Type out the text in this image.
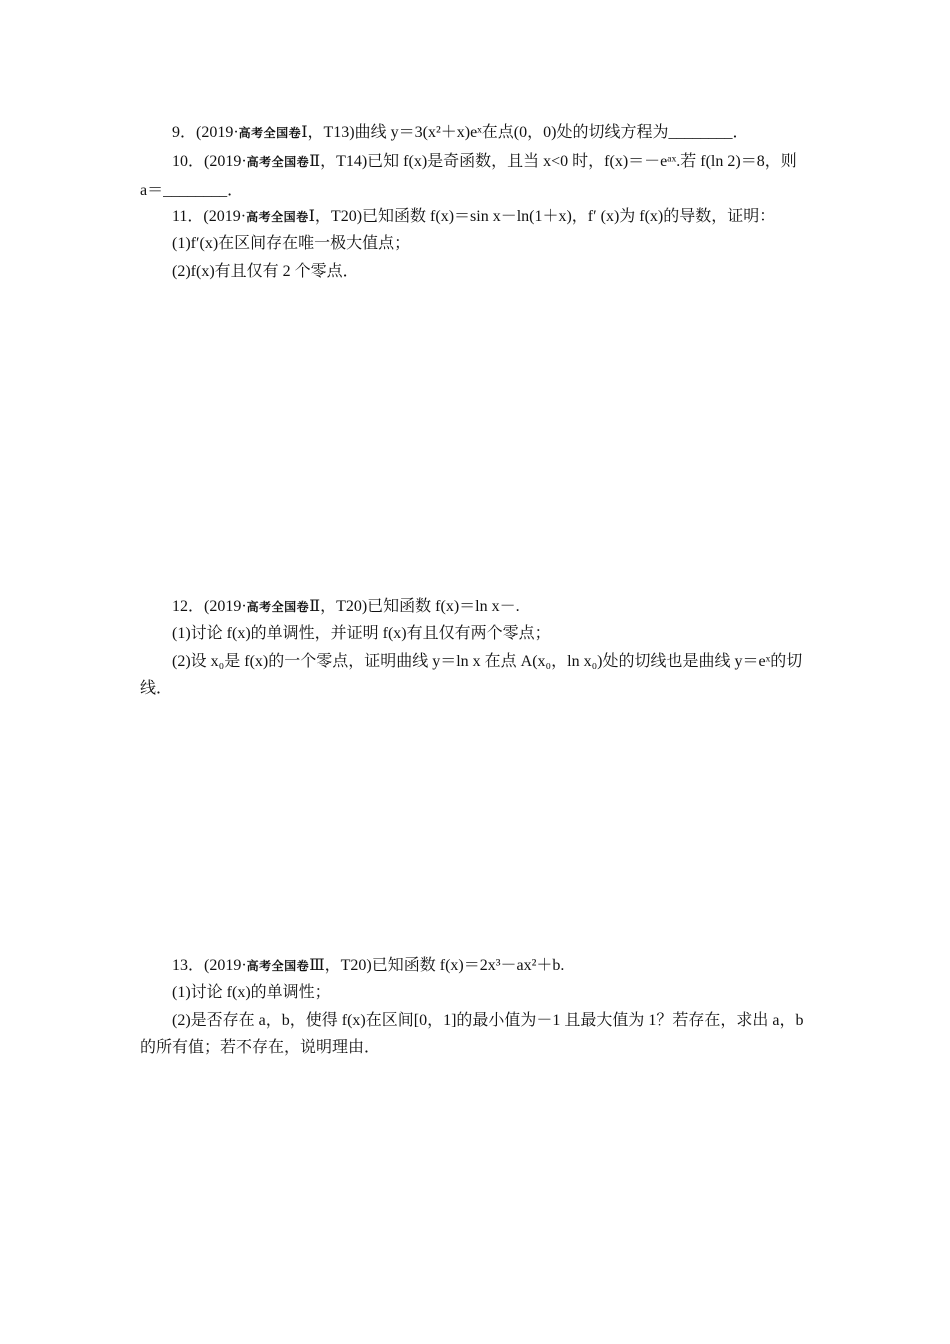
9．(2019·高考全国卷Ⅰ，T13)曲线 y＝3(x²＋x)eˣ在点(0，0)处的切线方程为________．
10．(2019·高考全国卷Ⅱ，T14)已知 f(x)是奇函数，且当 x<0 时，f(x)＝－eᵃˣ.若 f(ln 2)＝8，则
a＝________．
11．(2019·高考全国卷Ⅰ，T20)已知函数 f(x)＝sin x－ln(1＋x)，f′ (x)为 f(x)的导数，证明：
(1)f′(x)在区间存在唯一极大值点；
(2)f(x)有且仅有 2 个零点．
12．(2019·高考全国卷Ⅱ，T20)已知函数 f(x)＝ln x－.
(1)讨论 f(x)的单调性，并证明 f(x)有且仅有两个零点；
(2)设 x₀是 f(x)的一个零点，证明曲线 y＝ln x 在点 A(x₀，ln x₀)处的切线也是曲线 y＝eˣ的切
线．
13．(2019·高考全国卷Ⅲ，T20)已知函数 f(x)＝2x³－ax²＋b.
(1)讨论 f(x)的单调性；
(2)是否存在 a，b，使得 f(x)在区间[0，1]的最小值为－1 且最大值为 1？若存在，求出 a，b
的所有值；若不存在，说明理由．
